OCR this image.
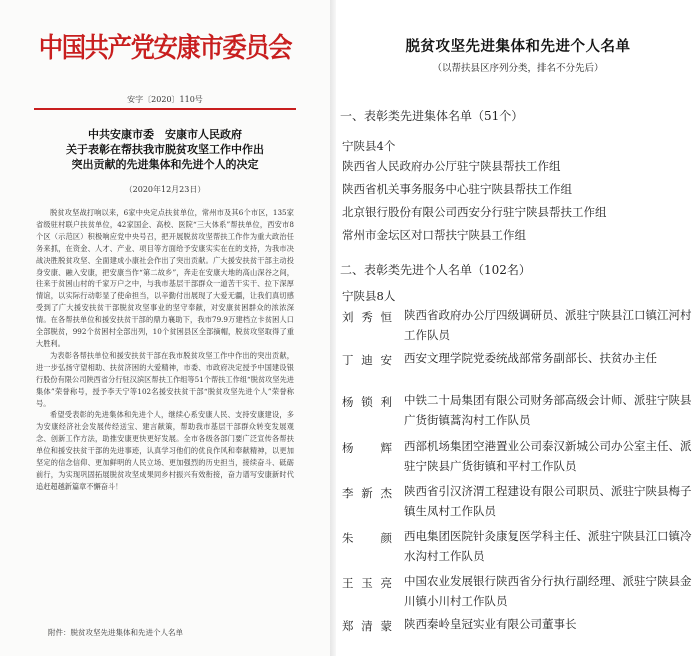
中国共产党安康市委员会
安字〔2020〕110号
中共安康市委　安康市人民政府
关于表彰在帮扶我市脱贫攻坚工作中作出
突出贡献的先进集体和先进个人的决定
（2020年12月23日）

脱贫攻坚战打响以来，6家中央定点扶贫单位，常州市及其6个市区，135家省级驻村联户扶贫单位，42家国企、高校、医院“三大体系”帮扶单位，西安市8个区（示范区）积极响应党中央号召，把开展脱贫攻坚帮扶工作作为重大政治任务来抓，在资金、人才、产业、项目等方面给予安康实实在在的支持，为我市决战决胜脱贫攻坚、全面建成小康社会作出了突出贡献。广大援安扶贫干部主动投身安康、融入安康，把安康当作“第二故乡”，奔走在安康大地的高山深谷之间，往来于贫困山村的千家万户之中，与我市基层干部群众一道苦干实干、拉下深厚情谊，以实际行动彰显了使命担当，以辛勤付出展现了大爱无疆，让我们真切感受到了广大援安扶贫干部脱贫攻坚事业的坚守奉献，对安康贫困群众的浓浓深情。在各帮扶单位和援安扶贫干部的鼎力襄助下，我市79.9万建档立卡贫困人口全部脱贫，992个贫困村全部出列，10个贫困县区全部摘帽，脱贫攻坚取得了重大胜利。

为表彰各帮扶单位和援安扶贫干部在我市脱贫攻坚工作中作出的突出贡献，进一步弘扬守望相助、扶贫济困的大爱精神，市委、市政府决定授予中国建设银行股份有限公司陕西省分行驻汉滨区帮扶工作组等51个帮扶工作组“脱贫攻坚先进集体”荣誉称号，授予李天宁等102名援安扶贫干部“脱贫攻坚先进个人”荣誉称号。

希望受表彰的先进集体和先进个人，继续心系安康人民、支持安康建设，多为安康经济社会发展传经送宝、建言献策，帮助我市基层干部群众转变发展观念、创新工作方法，助推安康更快更好发展。全市各级各部门要广泛宣传各帮扶单位和援安扶贫干部的先进事迹，认真学习他们的优良作风和奉献精神，以更加坚定的信念信仰、更加鲜明的人民立场、更加强烈的历史担当，接续奋斗、砥砺前行，为实现巩固拓展脱贫攻坚成果同乡村振兴有效衔接，奋力谱写安康新时代追赶超越新篇章不懈奋斗！

附件：脱贫攻坚先进集体和先进个人名单
脱贫攻坚先进集体和先进个人名单
（以帮扶县区序列分类，排名不分先后）
一、表彰类先进集体名单（51个）
宁陕县4个
陕西省人民政府办公厅驻宁陕县帮扶工作组
陕西省机关事务服务中心驻宁陕县帮扶工作组
北京银行股份有限公司西安分行驻宁陕县帮扶工作组
常州市金坛区对口帮扶宁陕县工作组
二、表彰类先进个人名单（102名）
宁陕县8人
刘秀恒 陕西省政府办公厅四级调研员、派驻宁陕县江口镇江河村工作队员
丁迪安 西安文理学院党委统战部常务副部长、扶贫办主任
杨锁利 中铁二十局集团有限公司财务部高级会计师、派驻宁陕县广货街镇蒿沟村工作队员
杨　辉 西部机场集团空港置业公司泰汉新城公司办公室主任、派驻宁陕县广货街镇和平村工作队员
李新杰 陕西省引汉济渭工程建设有限公司职员、派驻宁陕县梅子镇生凤村工作队员
朱　颜 西电集团医院针灸康复医学科主任、派驻宁陕县江口镇冷水沟村工作队员
王玉亮 中国农业发展银行陕西省分行执行副经理、派驻宁陕县金川镇小川村工作队员
郑清蒙 陕西秦岭皇冠实业有限公司董事长
